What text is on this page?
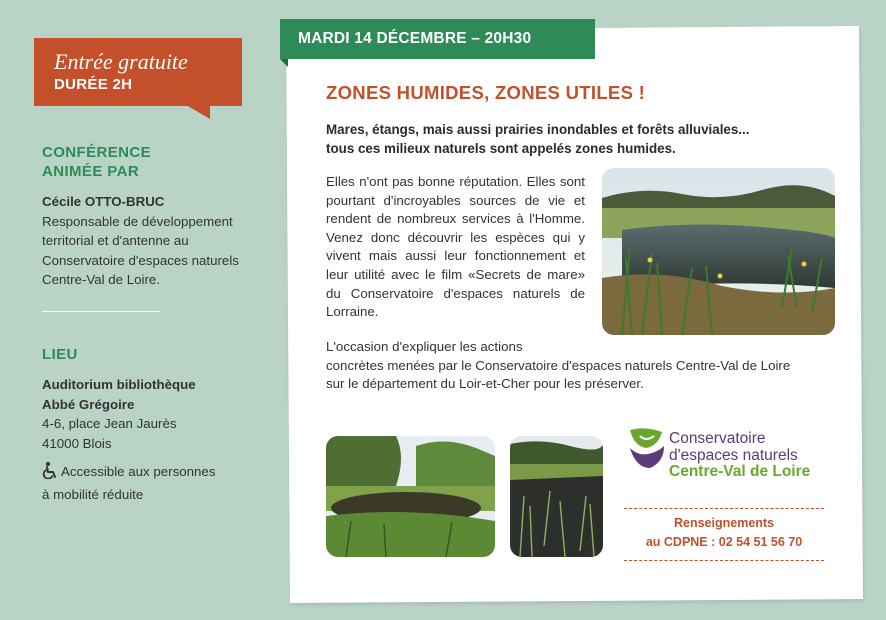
Entrée gratuite
DURÉE 2H
CONFÉRENCE
ANIMÉE PAR
Cécile OTTO-BRUC
Responsable de développement
territorial et d'antenne au
Conservatoire d'espaces naturels
Centre-Val de Loire.
LIEU
Auditorium bibliothèque
Abbé Grégoire
4-6, place Jean Jaurès
41000 Blois
Accessible aux personnes
à mobilité réduite
MARDI 14 DÉCEMBRE – 20H30
ZONES HUMIDES, ZONES UTILES !
Mares, étangs, mais aussi prairies inondables et forêts alluviales...
tous ces milieux naturels sont appelés zones humides.
Elles n'ont pas bonne réputation. Elles sont pourtant d'incroyables sources de vie et rendent de nombreux services à l'Homme. Venez donc découvrir les espèces qui y vivent mais aussi leur fonctionnement et leur utilité avec le film «Secrets de mare» du Conservatoire d'espaces naturels de Lorraine.
L'occasion d'expliquer les actions
concrètes menées par le Conservatoire d'espaces naturels Centre-Val de Loire
sur le département du Loir-et-Cher pour les préserver.
Conservatoire
d'espaces naturels
Centre-Val de Loire
Renseignements
au CDPNE : 02 54 51 56 70
